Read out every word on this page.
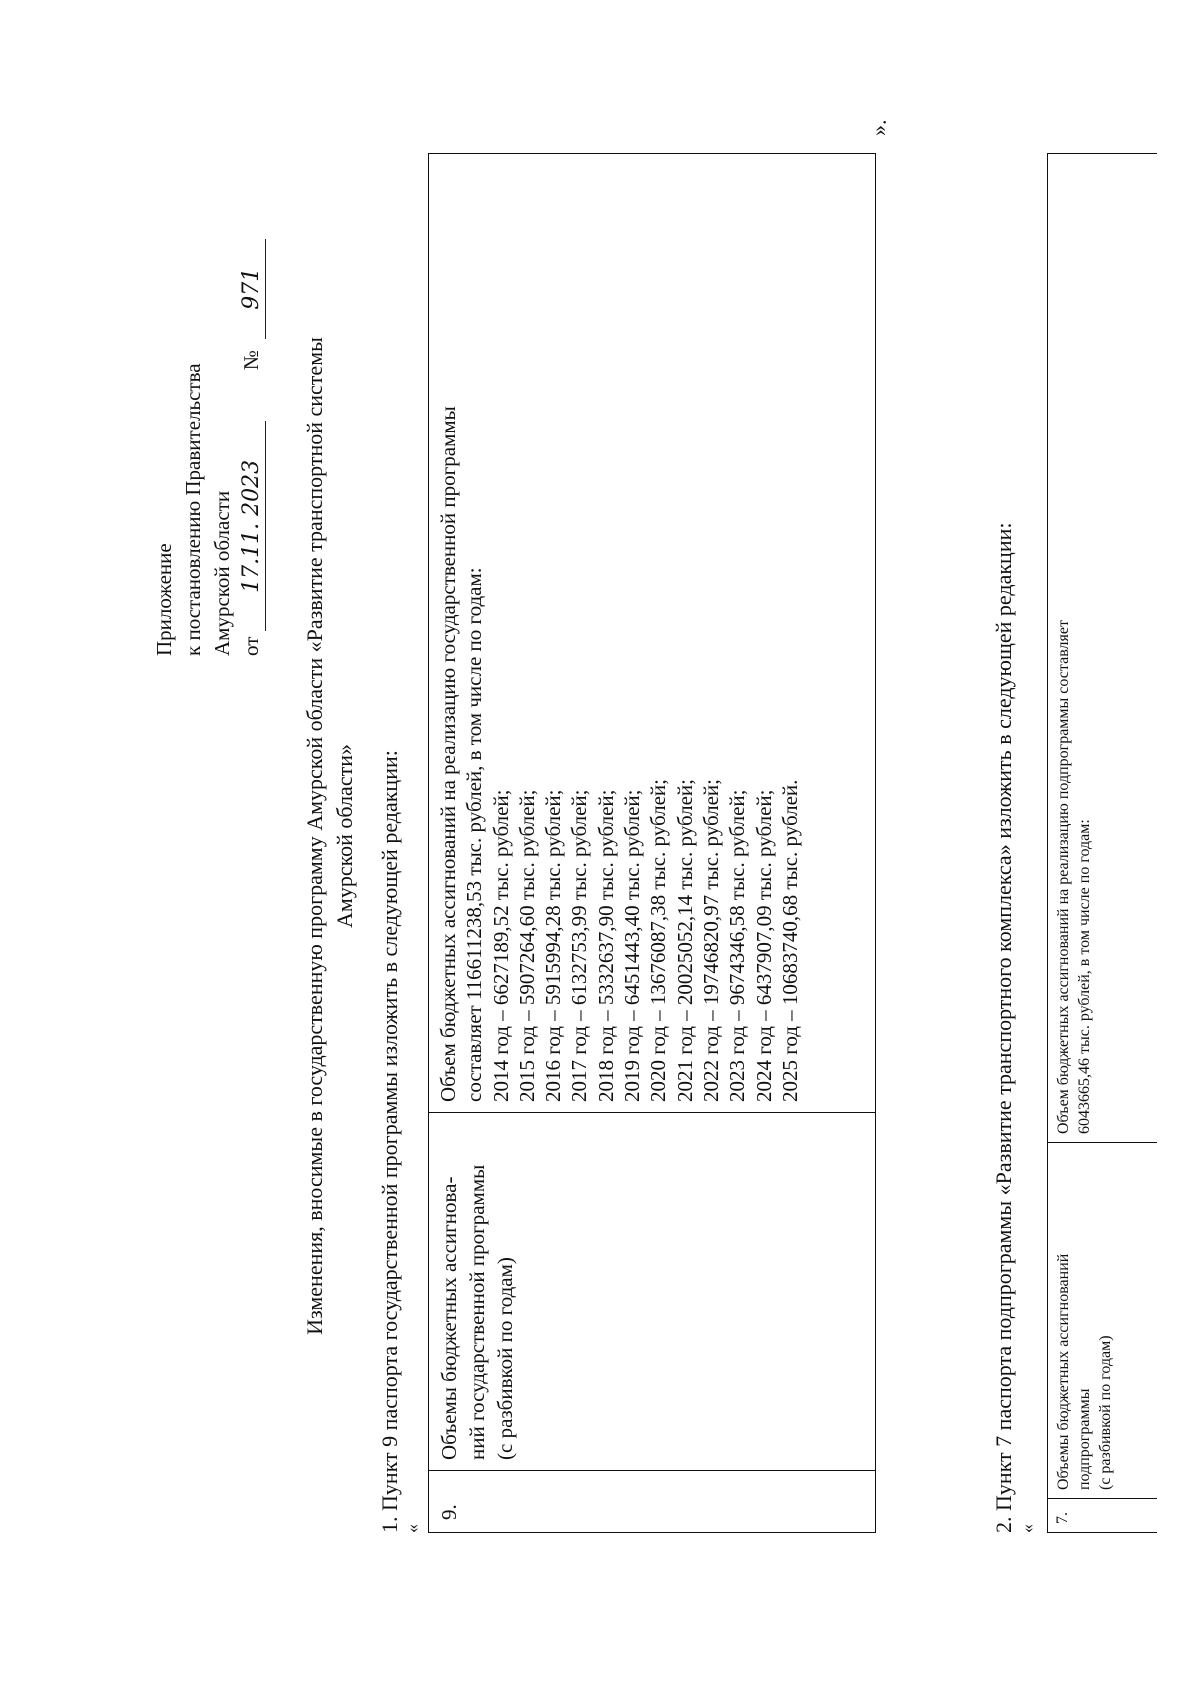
Приложение к постановлению Правительства Амурской области от 17.11. 2023 № 971
Изменения, вносимые в государственную программу Амурской области «Развитие транспортной системы Амурской области» 1. Пункт 9 паспорта государственной программы изложить в следующей редакции: «
9.
Объемы бюджетных ассигнова- ний государственной программы (с разбивкой по годам)
Объем бюджетных ассигнований на реализацию государственной программы составляет 116611238,53 тыс. рублей, в том числе по годам: 2014 год – 6627189,52 тыс. рублей; 2015 год – 5907264,60 тыс. рублей; 2016 год – 5915994,28 тыс. рублей; 2017 год – 6132753,99 тыс. рублей; 2018 год – 5332637,90 тыс. рублей; 2019 год – 6451443,40 тыс. рублей; 2020 год – 13676087,38 тыс. рублей; 2021 год – 20025052,14 тыс. рублей; 2022 год – 19746820,97 тыс. рублей; 2023 год – 9674346,58 тыс. рублей; 2024 год – 6437907,09 тыс. рублей; 2025 год – 10683740,68 тыс. рублей.
».
2. Пункт 7 паспорта подпрограммы «Развитие транспортного комплекса» изложить в следующей редакции: «
7.
Объемы бюджетных ассигнований подпрограммы (с разбивкой по годам)
Объем бюджетных ассигнований на реализацию подпрограммы составляет 6043665,46 тыс. рублей, в том числе по годам:
